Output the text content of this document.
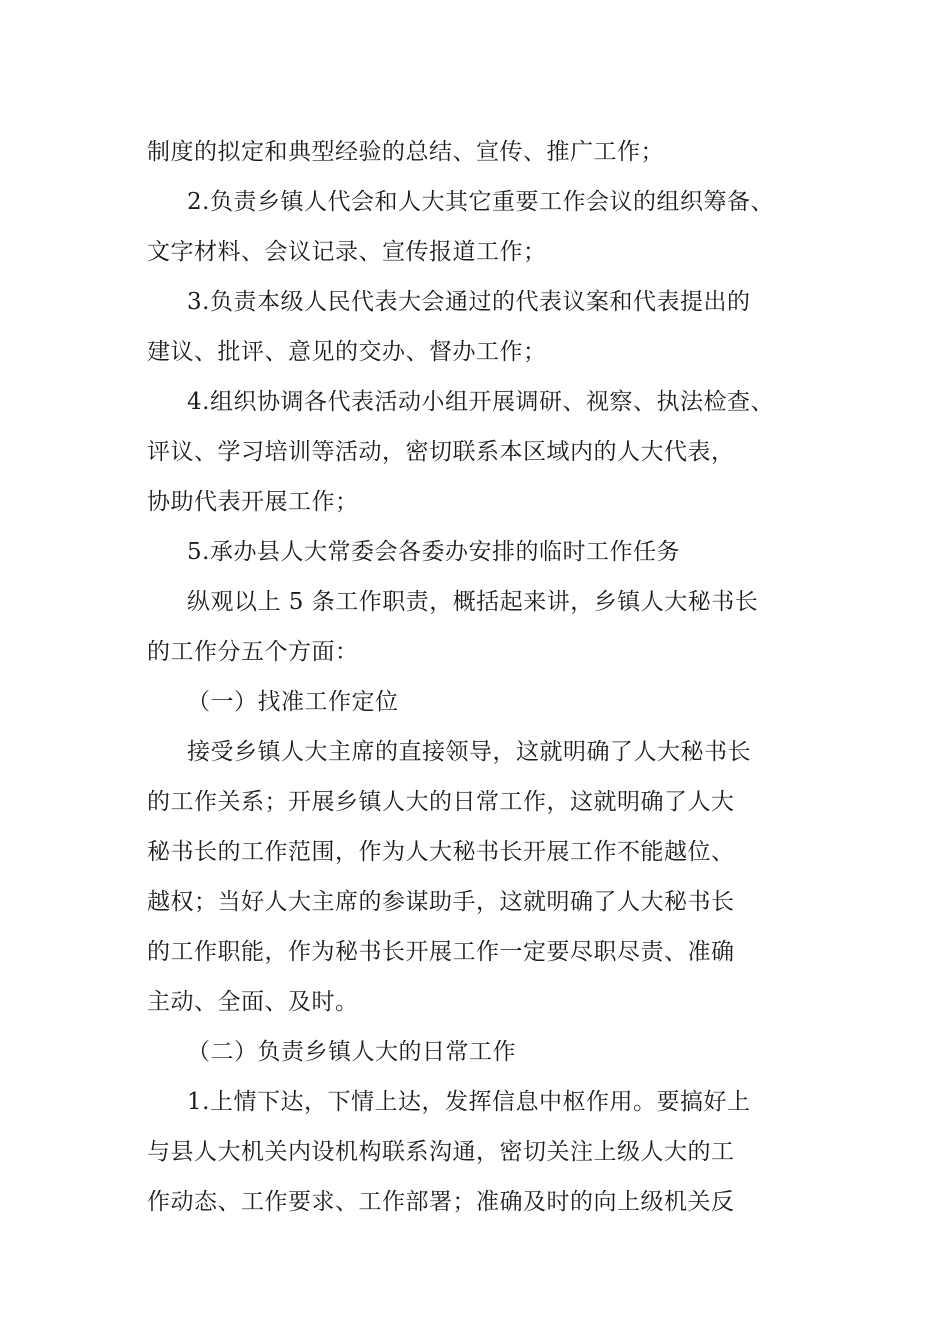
制度的拟定和典型经验的总结、宣传、推广工作；
2.负责乡镇人代会和人大其它重要工作会议的组织筹备、
文字材料、会议记录、宣传报道工作；
3.负责本级人民代表大会通过的代表议案和代表提出的
建议、批评、意见的交办、督办工作；
4.组织协调各代表活动小组开展调研、视察、执法检查、
评议、学习培训等活动，密切联系本区域内的人大代表，
协助代表开展工作；
5.承办县人大常委会各委办安排的临时工作任务
纵观以上 5 条工作职责，概括起来讲，乡镇人大秘书长
的工作分五个方面：
（一）找准工作定位
接受乡镇人大主席的直接领导，这就明确了人大秘书长
的工作关系；开展乡镇人大的日常工作，这就明确了人大
秘书长的工作范围，作为人大秘书长开展工作不能越位、
越权；当好人大主席的参谋助手，这就明确了人大秘书长
的工作职能，作为秘书长开展工作一定要尽职尽责、准确
主动、全面、及时。
（二）负责乡镇人大的日常工作
1.上情下达，下情上达，发挥信息中枢作用。要搞好上
与县人大机关内设机构联系沟通，密切关注上级人大的工
作动态、工作要求、工作部署；准确及时的向上级机关反
